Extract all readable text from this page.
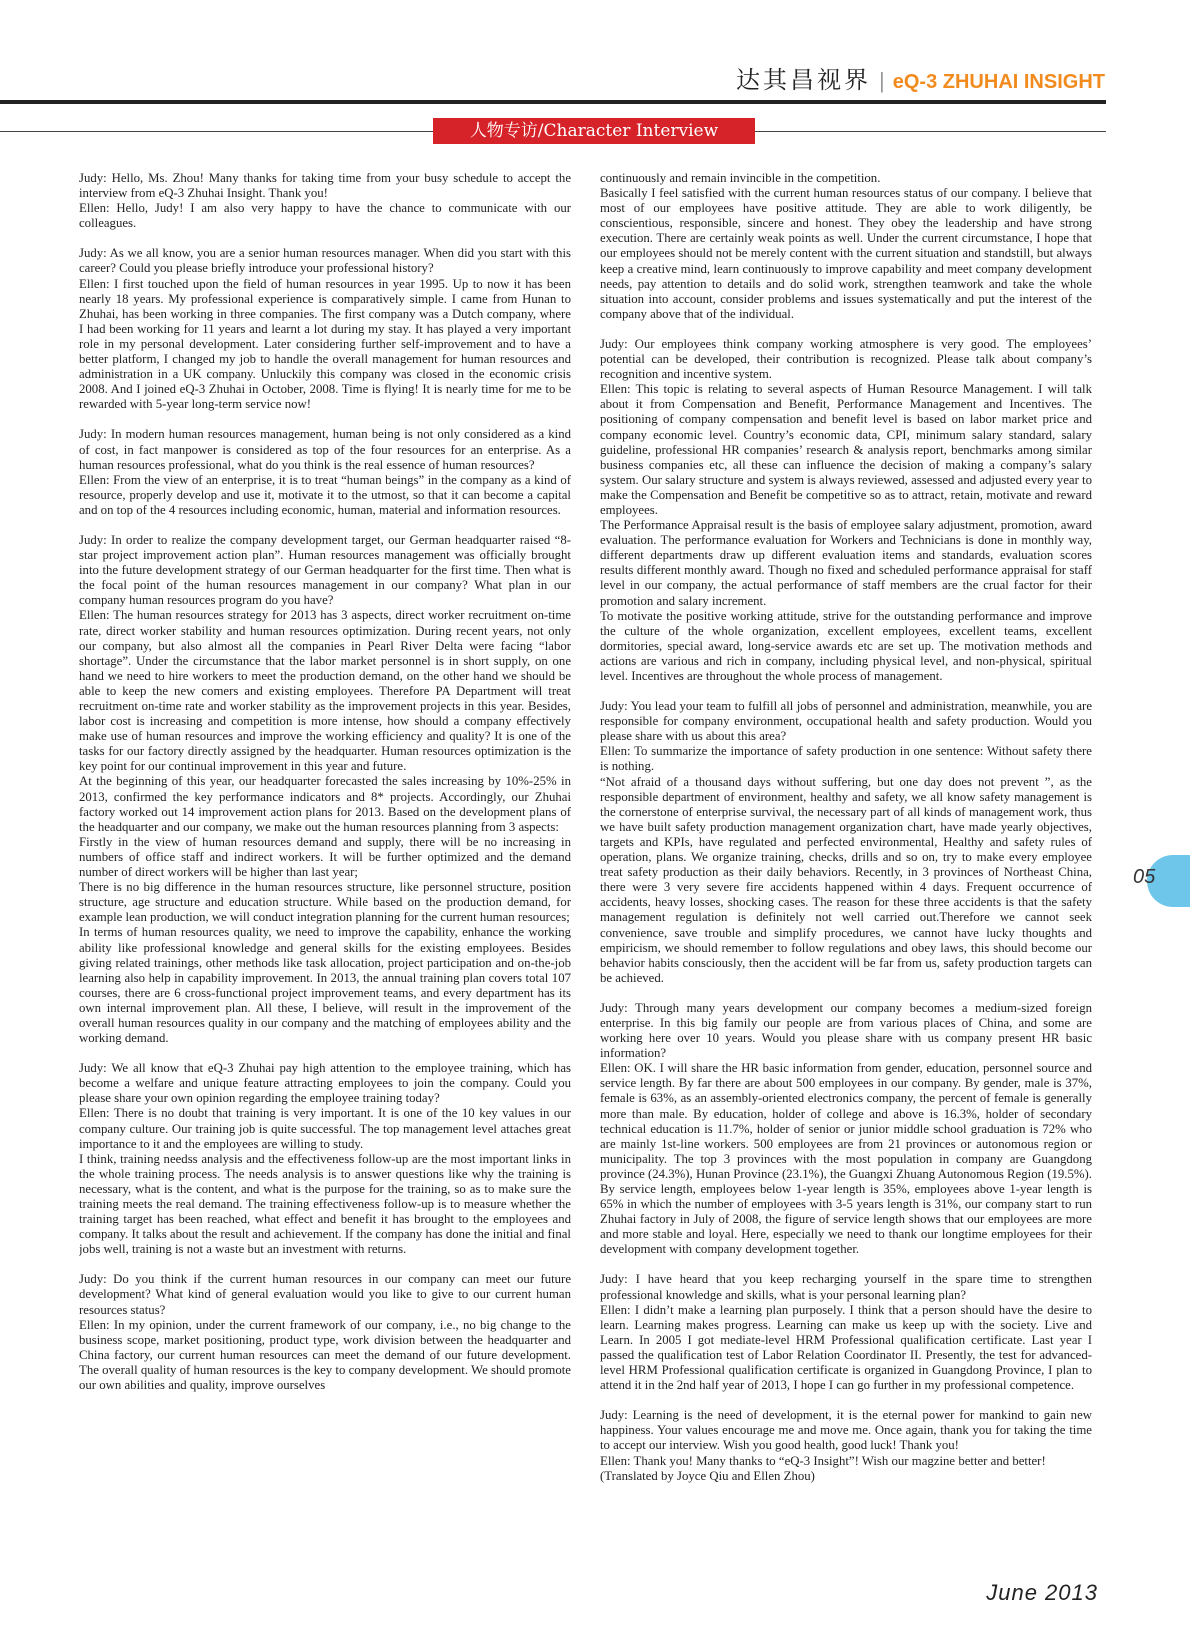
达其昌视界 | eQ-3 ZHUHAI INSIGHT
人物专访/Character Interview

Judy: Hello, Ms. Zhou! Many thanks for taking time from your busy schedule to accept the interview from eQ-3 Zhuhai Insight. Thank you!

Ellen: Hello, Judy! I am also very happy to have the chance to communicate with our colleagues.

Judy: As we all know, you are a senior human resources manager. When did you start with this career? Could you please briefly introduce your professional history?

Ellen: I first touched upon the field of human resources in year 1995. Up to now it has been nearly 18 years. My professional experience is comparatively simple. I came from Hunan to Zhuhai, has been working in three companies. The first company was a Dutch company, where I had been working for 11 years and learnt a lot during my stay. It has played a very important role in my personal development. Later considering further self-improvement and to have a better platform, I changed my job to handle the overall management for human resources and administration in a UK company. Unluckily this company was closed in the economic crisis 2008. And I joined eQ-3 Zhuhai in October, 2008. Time is flying! It is nearly time for me to be rewarded with 5-year long-term service now!

Judy: In modern human resources management, human being is not only considered as a kind of cost, in fact manpower is considered as top of the four resources for an enterprise. As a human resources professional, what do you think is the real essence of human resources?

Ellen: From the view of an enterprise, it is to treat “human beings” in the company as a kind of resource, properly develop and use it, motivate it to the utmost, so that it can become a capital and on top of the 4 resources including economic, human, material and information resources.

Judy: In order to realize the company development target, our German headquarter raised “8-star project improvement action plan”. Human resources management was officially brought into the future development strategy of our German headquarter for the first time. Then what is the focal point of the human resources management in our company? What plan in our company human resources program do you have?

Ellen: The human resources strategy for 2013 has 3 aspects, direct worker recruitment on-time rate, direct worker stability and human resources optimization. During recent years, not only our company, but also almost all the companies in Pearl River Delta were facing “labor shortage”. Under the circumstance that the labor market personnel is in short supply, on one hand we need to hire workers to meet the production demand, on the other hand we should be able to keep the new comers and existing employees. Therefore PA Department will treat recruitment on-time rate and worker stability as the improvement projects in this year. Besides, labor cost is increasing and competition is more intense, how should a company effectively make use of human resources and improve the working efficiency and quality? It is one of the tasks for our factory directly assigned by the headquarter. Human resources optimization is the key point for our continual improvement in this year and future.

At the beginning of this year, our headquarter forecasted the sales increasing by 10%-25% in 2013, confirmed the key performance indicators and 8* projects. Accordingly, our Zhuhai factory worked out 14 improvement action plans for 2013. Based on the development plans of the headquarter and our company, we make out the human resources planning from 3 aspects:

Firstly in the view of human resources demand and supply, there will be no increasing in numbers of office staff and indirect workers. It will be further optimized and the demand number of direct workers will be higher than last year;

There is no big difference in the human resources structure, like personnel structure, position structure, age structure and education structure. While based on the production demand, for example lean production, we will conduct integration planning for the current human resources;

In terms of human resources quality, we need to improve the capability, enhance the working ability like professional knowledge and general skills for the existing employees. Besides giving related trainings, other methods like task allocation, project participation and on-the-job learning also help in capability improvement. In 2013, the annual training plan covers total 107 courses, there are 6 cross-functional project improvement teams, and every department has its own internal improvement plan. All these, I believe, will result in the improvement of the overall human resources quality in our company and the matching of employees ability and the working demand.

Judy: We all know that eQ-3 Zhuhai pay high attention to the employee training, which has become a welfare and unique feature attracting employees to join the company. Could you please share your own opinion regarding the employee training today?

Ellen: There is no doubt that training is very important. It is one of the 10 key values in our company culture. Our training job is quite successful. The top management level attaches great importance to it and the employees are willing to study.

I think, training needss analysis and the effectiveness follow-up are the most important links in the whole training process. The needs analysis is to answer questions like why the training is necessary, what is the content, and what is the purpose for the training, so as to make sure the training meets the real demand. The training effectiveness follow-up is to measure whether the training target has been reached, what effect and benefit it has brought to the employees and company. It talks about the result and achievement. If the company has done the initial and final jobs well, training is not a waste but an investment with returns.

Judy: Do you think if the current human resources in our company can meet our future development? What kind of general evaluation would you like to give to our current human resources status?

Ellen: In my opinion, under the current framework of our company, i.e., no big change to the business scope, market positioning, product type, work division between the headquarter and China factory, our current human resources can meet the demand of our future development. The overall quality of human resources is the key to company development. We should promote our own abilities and quality, improve ourselves

continuously and remain invincible in the competition.

Basically I feel satisfied with the current human resources status of our company. I believe that most of our employees have positive attitude. They are able to work diligently, be conscientious, responsible, sincere and honest. They obey the leadership and have strong execution. There are certainly weak points as well. Under the current circumstance, I hope that our employees should not be merely content with the current situation and standstill, but always keep a creative mind, learn continuously to improve capability and meet company development needs, pay attention to details and do solid work, strengthen teamwork and take the whole situation into account, consider problems and issues systematically and put the interest of the company above that of the individual.

Judy: Our employees think company working atmosphere is very good. The employees’ potential can be developed, their contribution is recognized. Please talk about company’s recognition and incentive system.

Ellen: This topic is relating to several aspects of Human Resource Management. I will talk about it from Compensation and Benefit, Performance Management and Incentives. The positioning of company compensation and benefit level is based on labor market price and company economic level. Country’s economic data, CPI, minimum salary standard, salary guideline, professional HR companies’ research & analysis report, benchmarks among similar business companies etc, all these can influence the decision of making a company’s salary system. Our salary structure and system is always reviewed, assessed and adjusted every year to make the Compensation and Benefit be competitive so as to attract, retain, motivate and reward employees.

The Performance Appraisal result is the basis of employee salary adjustment, promotion, award evaluation. The performance evaluation for Workers and Technicians is done in monthly way, different departments draw up different evaluation items and standards, evaluation scores results different monthly award. Though no fixed and scheduled performance appraisal for staff level in our company, the actual performance of staff members are the crual factor for their promotion and salary increment.

To motivate the positive working attitude, strive for the outstanding performance and improve the culture of the whole organization, excellent employees, excellent teams, excellent dormitories, special award, long-service awards etc are set up. The motivation methods and actions are various and rich in company, including physical level, and non-physical, spiritual level. Incentives are throughout the whole process of management.

Judy: You lead your team to fulfill all jobs of personnel and administration, meanwhile, you are responsible for company environment, occupational health and safety production. Would you please share with us about this area?

Ellen: To summarize the importance of safety production in one sentence: Without safety there is nothing.

“Not afraid of a thousand days without suffering, but one day does not prevent ”, as the responsible department of environment, healthy and safety, we all know safety management is the cornerstone of enterprise survival, the necessary part of all kinds of management work, thus we have built safety production management organization chart, have made yearly objectives, targets and KPIs, have regulated and perfected environmental, Healthy and safety rules of operation, plans. We organize training, checks, drills and so on, try to make every employee treat safety production as their daily behaviors. Recently, in 3 provinces of Northeast China, there were 3 very severe fire accidents happened within 4 days. Frequent occurrence of accidents, heavy losses, shocking cases. The reason for these three accidents is that the safety management regulation is definitely not well carried out.Therefore we cannot seek convenience, save trouble and simplify procedures, we cannot have lucky thoughts and empiricism, we should remember to follow regulations and obey laws, this should become our behavior habits consciously, then the accident will be far from us, safety production targets can be achieved.

Judy: Through many years development our company becomes a medium-sized foreign enterprise. In this big family our people are from various places of China, and some are working here over 10 years. Would you please share with us company present HR basic information?

Ellen: OK. I will share the HR basic information from gender, education, personnel source and service length. By far there are about 500 employees in our company. By gender, male is 37%, female is 63%, as an assembly-oriented electronics company, the percent of female is generally more than male. By education, holder of college and above is 16.3%, holder of secondary technical education is 11.7%, holder of senior or junior middle school graduation is 72% who are mainly 1st-line workers. 500 employees are from 21 provinces or autonomous region or municipality. The top 3 provinces with the most population in company are Guangdong province (24.3%), Hunan Province (23.1%), the Guangxi Zhuang Autonomous Region (19.5%). By service length, employees below 1-year length is 35%, employees above 1-year length is 65% in which the number of employees with 3-5 years length is 31%, our company start to run Zhuhai factory in July of 2008, the figure of service length shows that our employees are more and more stable and loyal. Here, especially we need to thank our longtime employees for their development with company development together.

Judy: I have heard that you keep recharging yourself in the spare time to strengthen professional knowledge and skills, what is your personal learning plan?

Ellen: I didn’t make a learning plan purposely. I think that a person should have the desire to learn. Learning makes progress. Learning can make us keep up with the society. Live and Learn. In 2005 I got mediate-level HRM Professional qualification certificate. Last year I passed the qualification test of Labor Relation Coordinator II. Presently, the test for advanced-level HRM Professional qualification certificate is organized in Guangdong Province, I plan to attend it in the 2nd half year of 2013, I hope I can go further in my professional competence.

Judy: Learning is the need of development, it is the eternal power for mankind to gain new happiness. Your values encourage me and move me. Once again, thank you for taking the time to accept our interview. Wish you good health, good luck! Thank you!

Ellen: Thank you! Many thanks to “eQ-3 Insight”! Wish our magzine better and better!

(Translated by Joyce Qiu and Ellen Zhou)

05
June 2013
